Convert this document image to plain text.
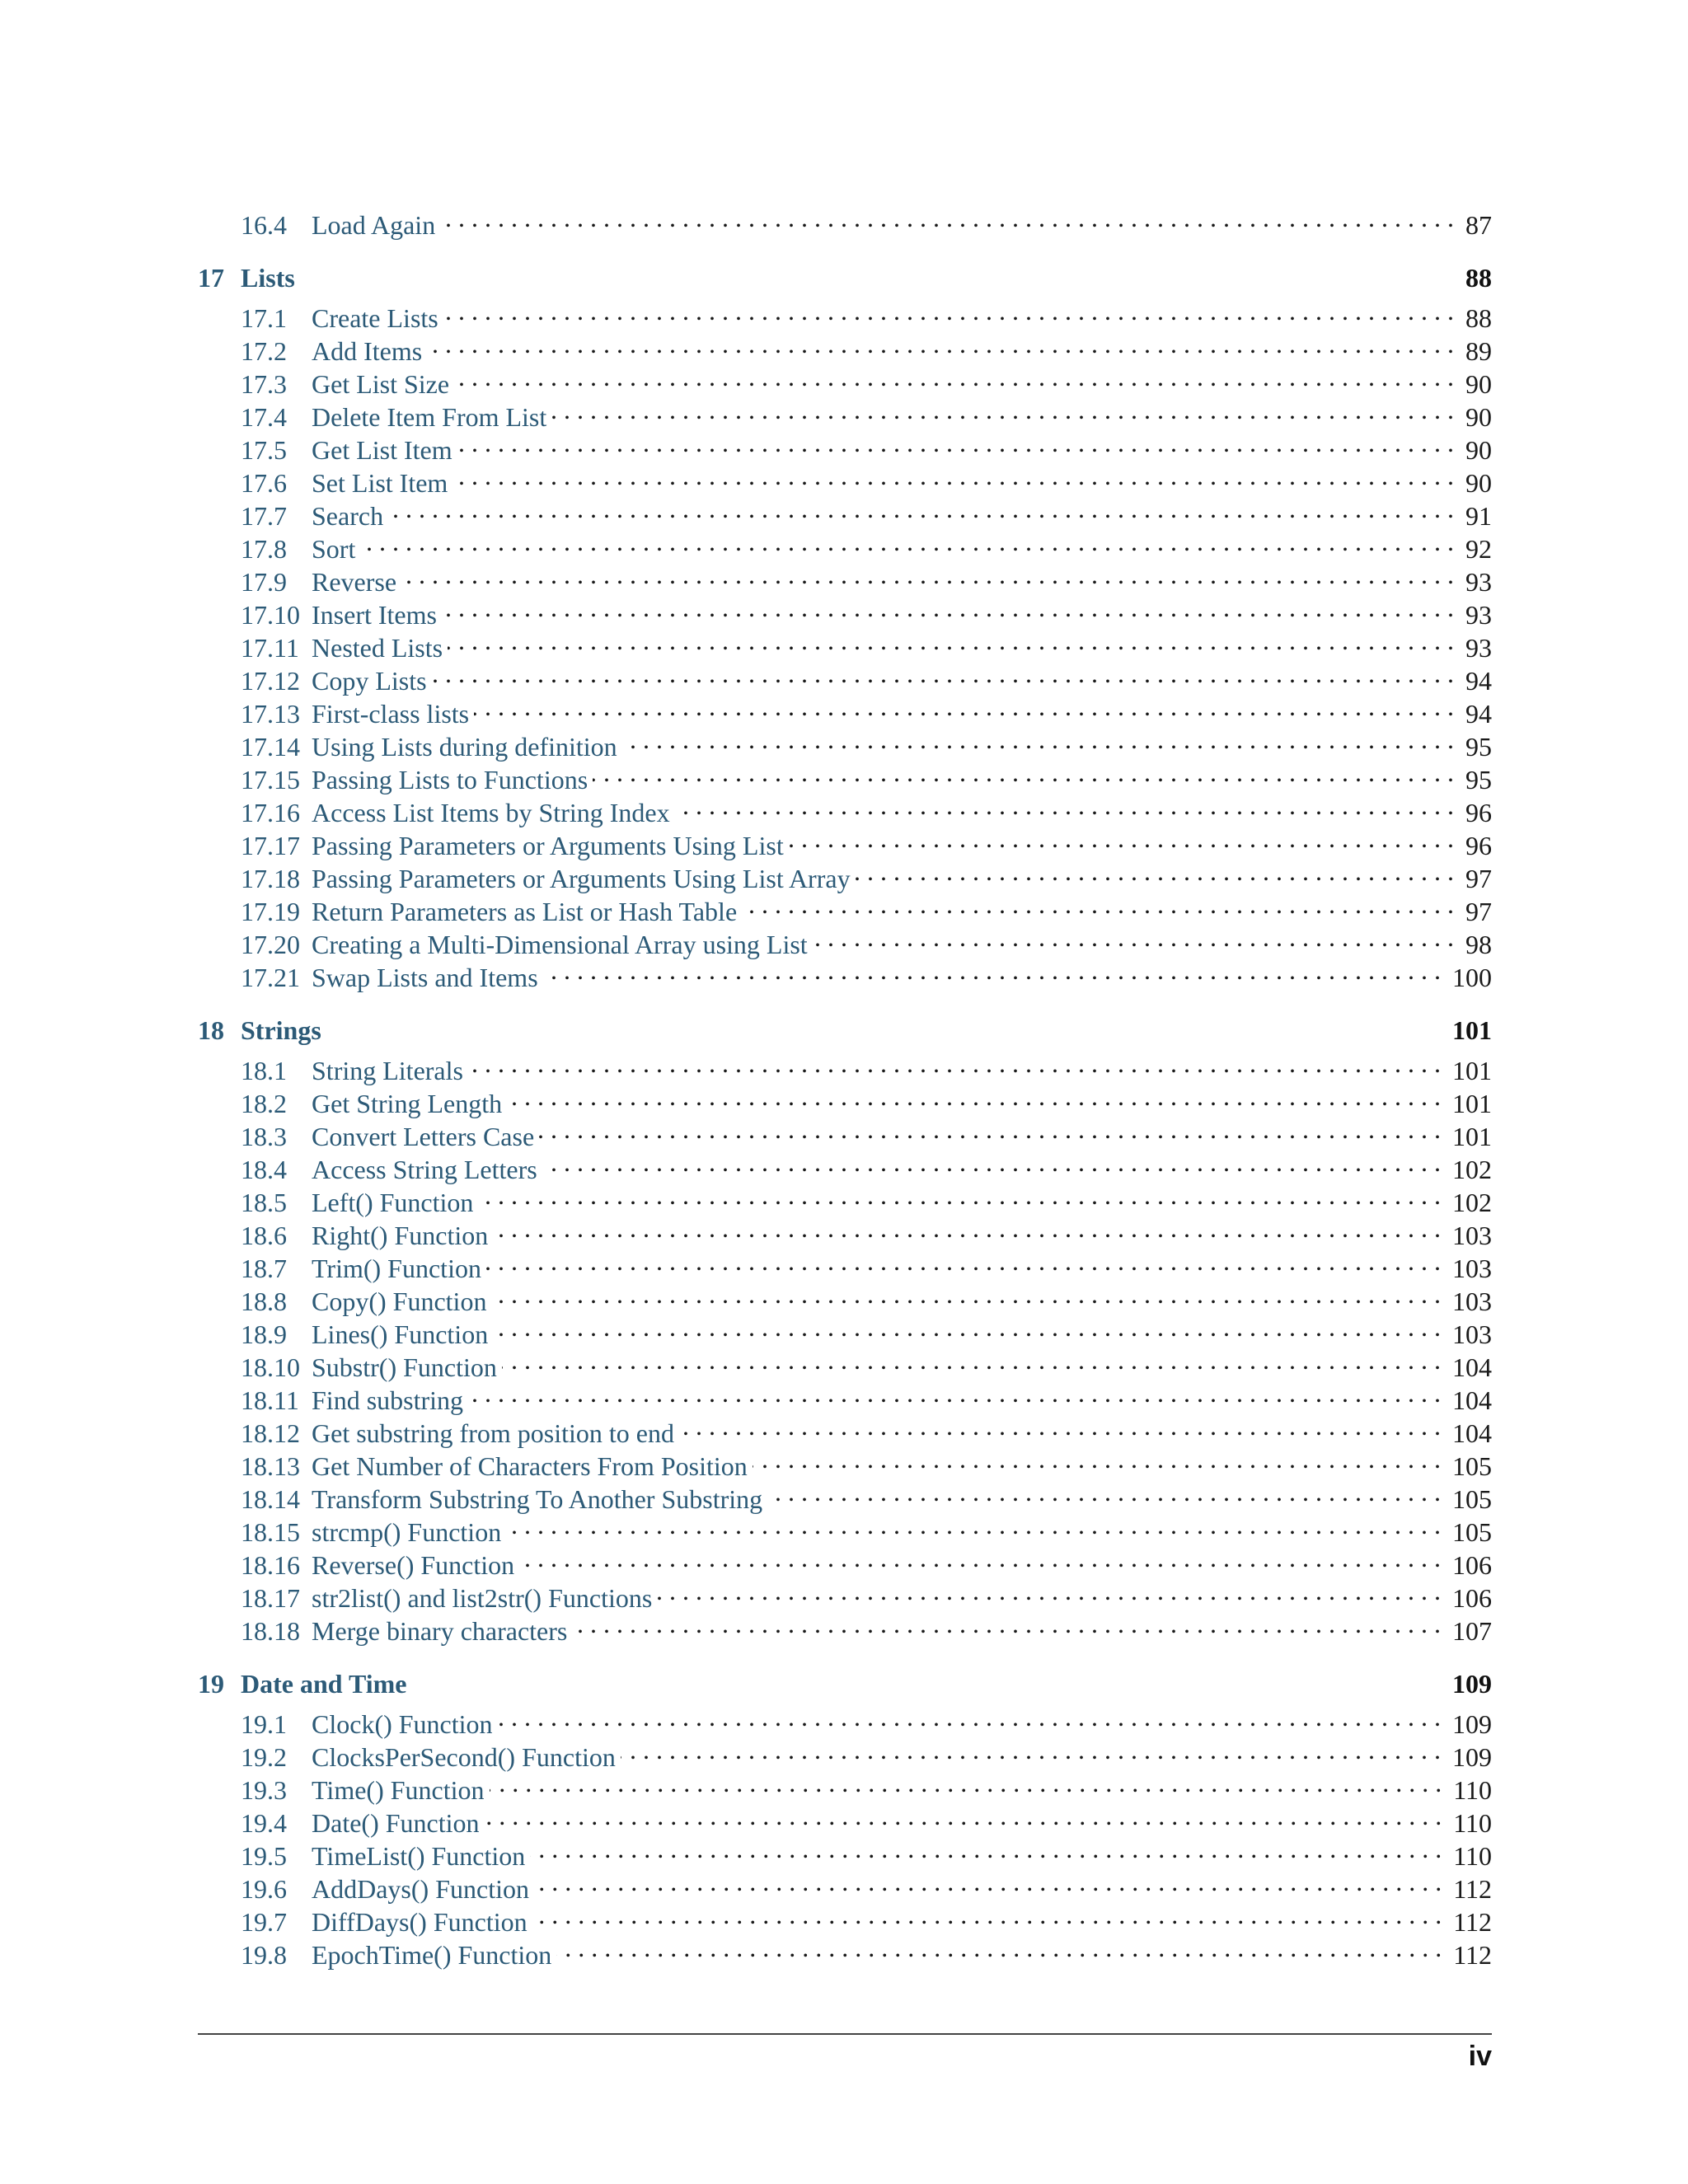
16.4 Load Again . . .	87
17 Lists	88
17.1 Create Lists . . .	88
17.2 Add Items . . .	89
17.3 Get List Size . . .	90
17.4 Delete Item From List . . .	90
17.5 Get List Item . . .	90
17.6 Set List Item . . .	90
17.7 Search . . .	91
17.8 Sort . . .	92
17.9 Reverse . . .	93
17.10 Insert Items . . .	93
17.11 Nested Lists . . .	93
17.12 Copy Lists . . .	94
17.13 First-class lists . . .	94
17.14 Using Lists during definition . . .	95
17.15 Passing Lists to Functions . . .	95
17.16 Access List Items by String Index . . .	96
17.17 Passing Parameters or Arguments Using List . . .	96
17.18 Passing Parameters or Arguments Using List Array . . .	97
17.19 Return Parameters as List or Hash Table . . .	97
17.20 Creating a Multi-Dimensional Array using List . . .	98
17.21 Swap Lists and Items . . .	100
18 Strings	101
18.1 String Literals . . .	101
18.2 Get String Length . . .	101
18.3 Convert Letters Case . . .	101
18.4 Access String Letters . . .	102
18.5 Left() Function . . .	102
18.6 Right() Function . . .	103
18.7 Trim() Function . . .	103
18.8 Copy() Function . . .	103
18.9 Lines() Function . . .	103
18.10 Substr() Function . . .	104
18.11 Find substring . . .	104
18.12 Get substring from position to end . . .	104
18.13 Get Number of Characters From Position . . .	105
18.14 Transform Substring To Another Substring . . .	105
18.15 strcmp() Function . . .	105
18.16 Reverse() Function . . .	106
18.17 str2list() and list2str() Functions . . .	106
18.18 Merge binary characters . . .	107
19 Date and Time	109
19.1 Clock() Function . . .	109
19.2 ClocksPerSecond() Function . . .	109
19.3 Time() Function . . .	110
19.4 Date() Function . . .	110
19.5 TimeList() Function . . .	110
19.6 AddDays() Function . . .	112
19.7 DiffDays() Function . . .	112
19.8 EpochTime() Function . . .	112
iv
